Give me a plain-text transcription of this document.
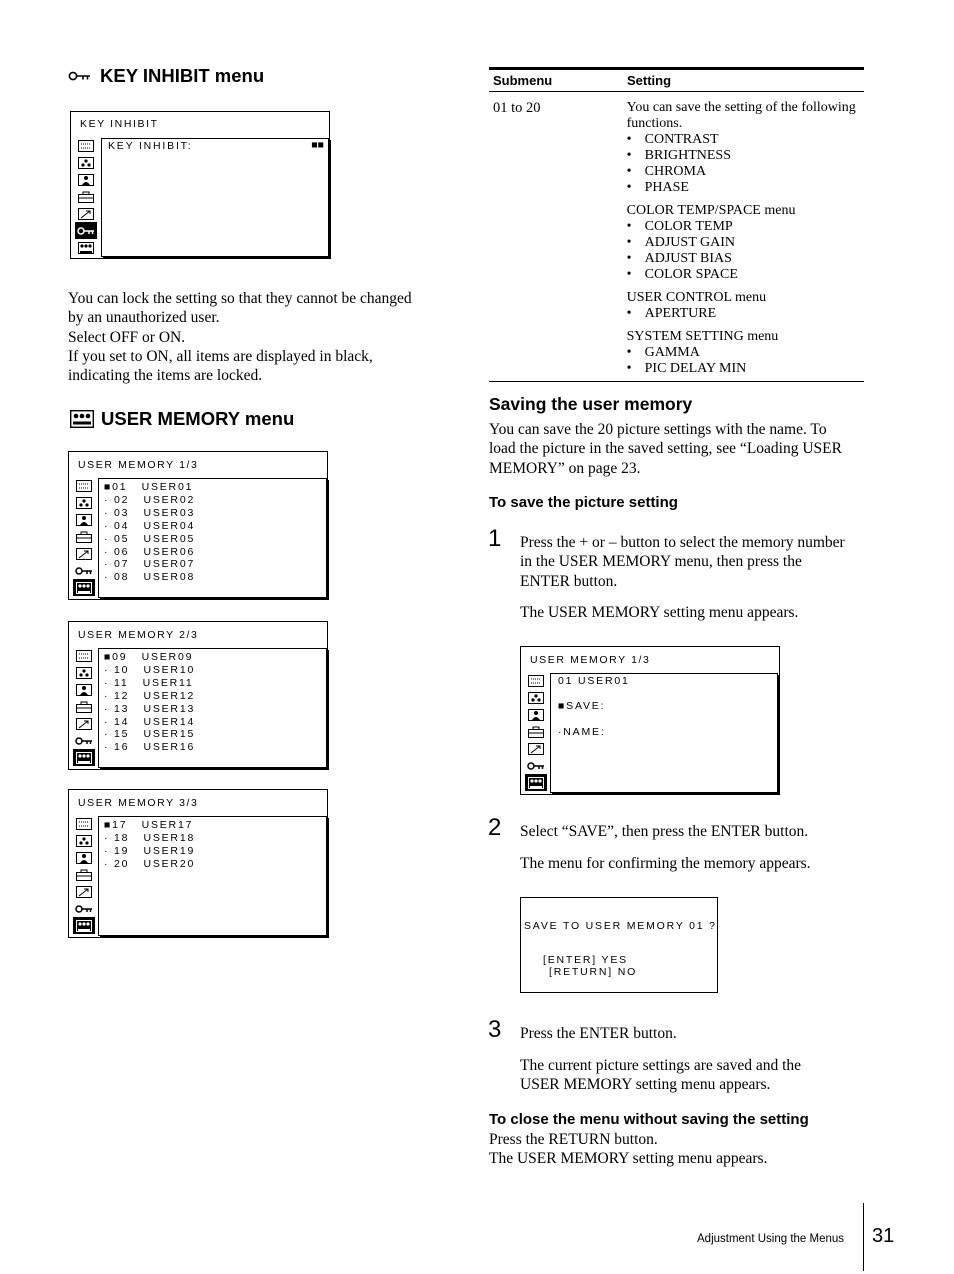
KEY INHIBIT menu
KEY INHIBIT
KEY INHIBIT:	■■
You can lock the setting so that they cannot be changed
by an unauthorized user.
Select OFF or ON.
If you set to ON, all items are displayed in black,
indicating the items are locked.
USER MEMORY menu
USER MEMORY 1/3
■01   USER01
· 02   USER02
· 03   USER03
· 04   USER04
· 05   USER05
· 06   USER06
· 07   USER07
· 08   USER08
USER MEMORY 2/3
■09   USER09
· 10   USER10
· 11   USER11
· 12   USER12
· 13   USER13
· 14   USER14
· 15   USER15
· 16   USER16
USER MEMORY 3/3
■17   USER17
· 18   USER18
· 19   USER19
· 20   USER20
Submenu	Setting
01 to 20	You can save the setting of the following functions.
• CONTRAST
• BRIGHTNESS
• CHROMA
• PHASE
COLOR TEMP/SPACE menu
• COLOR TEMP
• ADJUST GAIN
• ADJUST BIAS
• COLOR SPACE
USER CONTROL menu
• APERTURE
SYSTEM SETTING menu
• GAMMA
• PIC DELAY MIN
Saving the user memory
You can save the 20 picture settings with the name. To
load the picture in the saved setting, see “Loading USER
MEMORY” on page 23.
To save the picture setting
1 Press the + or – button to select the memory number
in the USER MEMORY menu, then press the
ENTER button.
The USER MEMORY setting menu appears.
USER MEMORY 1/3
01 USER01
■SAVE:
·NAME:
2 Select “SAVE”, then press the ENTER button.
The menu for confirming the memory appears.
SAVE TO USER MEMORY 01 ?
[ENTER] YES
[RETURN] NO
3 Press the ENTER button.
The current picture settings are saved and the
USER MEMORY setting menu appears.
To close the menu without saving the setting
Press the RETURN button.
The USER MEMORY setting menu appears.
Adjustment Using the Menus 31
